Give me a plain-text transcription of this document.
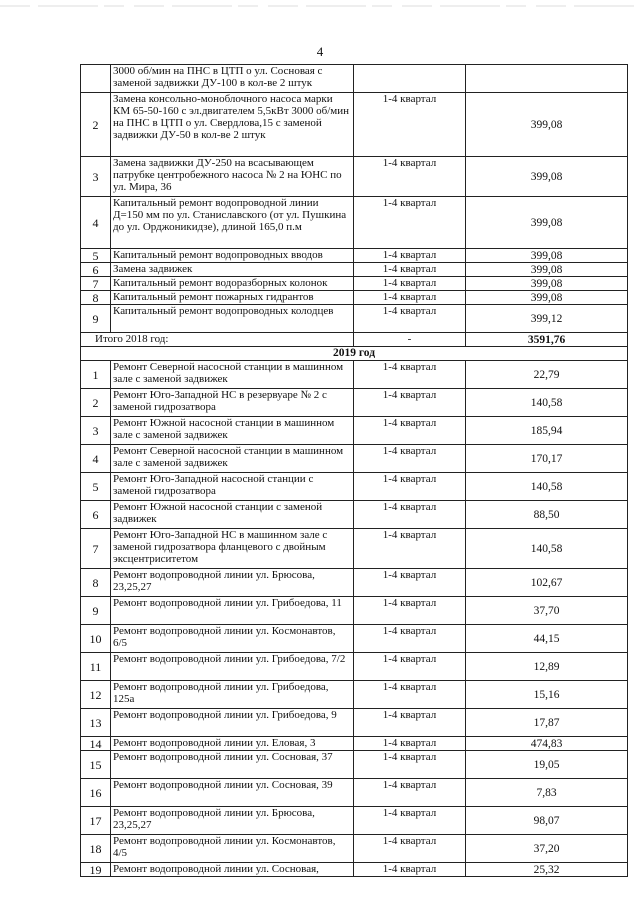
4
	3000 об/мин на ПНС в ЦТП о ул. Сосновая с заменой задвижки ДУ-100 в кол-ве 2 штук		
2	Замена консольно-моноблочного насоса марки КМ 65-50-160 с эл.двигателем 5,5кВт 3000 об/мин на ПНС в ЦТП о ул. Свердлова,15 с заменой задвижки ДУ-50 в кол-ве 2 штук	1-4 квартал	399,08
3	Замена задвижки ДУ-250 на всасывающем патрубке центробежного насоса № 2 на ЮНС по ул. Мира, 36	1-4 квартал	399,08
4	Капитальный ремонт водопроводной линии Д=150 мм по ул. Станиславского (от ул. Пушкина до ул. Орджоникидзе), длиной 165,0 п.м	1-4 квартал	399,08
5	Капитальный ремонт водопроводных вводов	1-4 квартал	399,08
6	Замена задвижек	1-4 квартал	399,08
7	Капитальный ремонт водоразборных колонок	1-4 квартал	399,08
8	Капитальный ремонт пожарных гидрантов	1-4 квартал	399,08
9	Капитальный ремонт водопроводных колодцев	1-4 квартал	399,12
Итого 2018 год:		-	3591,76
2019 год			
1	Ремонт Северной насосной станции в машинном зале с заменой задвижек	1-4 квартал	22,79
2	Ремонт Юго-Западной НС в резервуаре № 2 с заменой гидрозатвора	1-4 квартал	140,58
3	Ремонт Южной насосной станции в машинном зале с заменой задвижек	1-4 квартал	185,94
4	Ремонт Северной насосной станции в машинном зале с заменой задвижек	1-4 квартал	170,17
5	Ремонт Юго-Западной насосной станции с заменой гидрозатвора	1-4 квартал	140,58
6	Ремонт Южной насосной станции с заменой задвижек	1-4 квартал	88,50
7	Ремонт Юго-Западной НС в машинном зале с заменой гидрозатвора фланцевого с двойным эксцентриситетом	1-4 квартал	140,58
8	Ремонт водопроводной линии ул. Брюсова, 23,25,27	1-4 квартал	102,67
9	Ремонт водопроводной линии ул. Грибоедова, 11	1-4 квартал	37,70
10	Ремонт водопроводной линии ул. Космонавтов, 6/5	1-4 квартал	44,15
11	Ремонт водопроводной линии ул. Грибоедова, 7/2	1-4 квартал	12,89
12	Ремонт водопроводной линии ул. Грибоедова, 125а	1-4 квартал	15,16
13	Ремонт водопроводной линии ул. Грибоедова, 9	1-4 квартал	17,87
14	Ремонт водопроводной линии ул. Еловая, 3	1-4 квартал	474,83
15	Ремонт водопроводной линии ул. Сосновая, 37	1-4 квартал	19,05
16	Ремонт водопроводной линии ул. Сосновая, 39	1-4 квартал	7,83
17	Ремонт водопроводной линии ул. Брюсова, 23,25,27	1-4 квартал	98,07
18	Ремонт водопроводной линии ул. Космонавтов, 4/5	1-4 квартал	37,20
19	Ремонт водопроводной линии ул. Сосновая,	1-4 квартал	25,32
